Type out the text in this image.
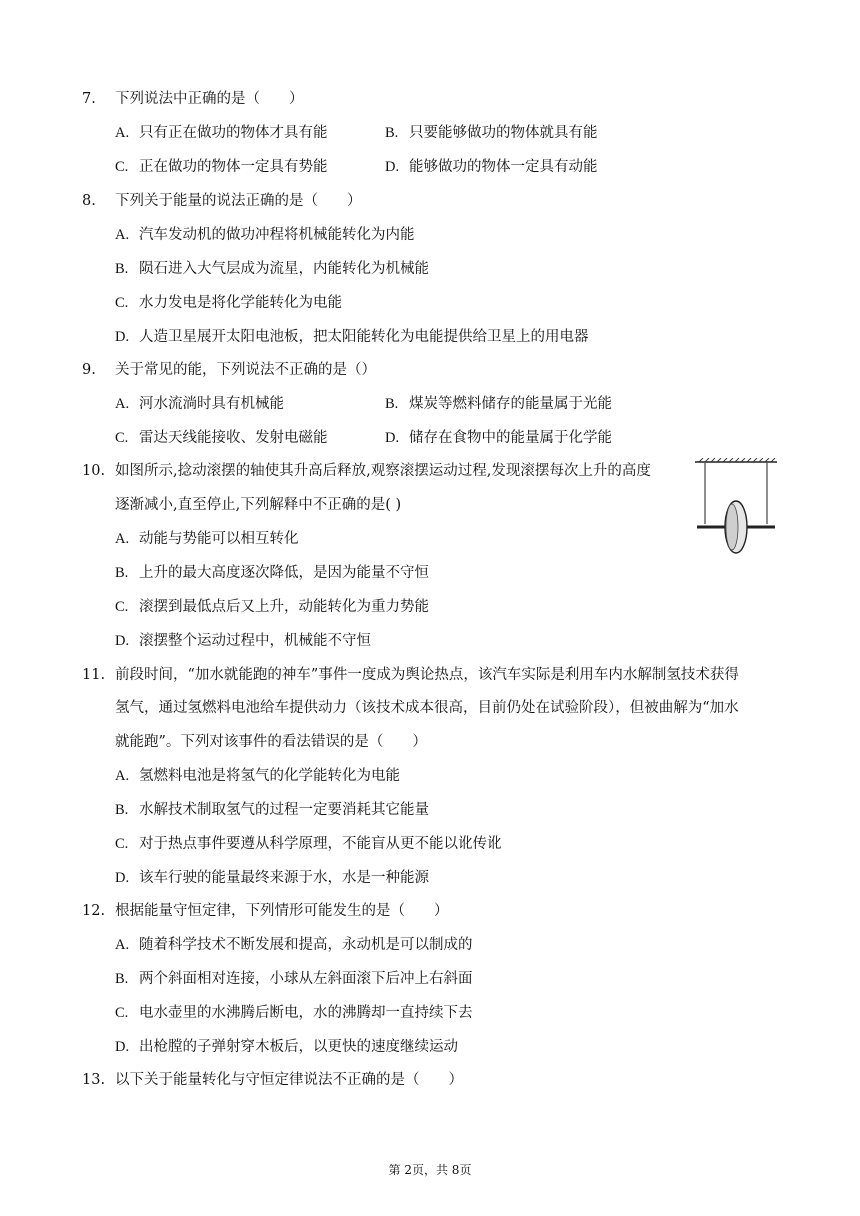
7. 下列说法中正确的是（　　）
A. 只有正在做功的物体才具有能	B. 只要能够做功的物体就具有能
C. 正在做功的物体一定具有势能	D. 能够做功的物体一定具有动能
8. 下列关于能量的说法正确的是（　　）
A. 汽车发动机的做功冲程将机械能转化为内能
B. 陨石进入大气层成为流星，内能转化为机械能
C. 水力发电是将化学能转化为电能
D. 人造卫星展开太阳电池板，把太阳能转化为电能提供给卫星上的用电器
9. 关于常见的能，下列说法不正确的是（）
A. 河水流淌时具有机械能	B. 煤炭等燃料储存的能量属于光能
C. 雷达天线能接收、发射电磁能	D. 储存在食物中的能量属于化学能
10. 如图所示,捻动滚摆的轴使其升高后释放,观察滚摆运动过程,发现滚摆每次上升的高度
逐渐减小,直至停止,下列解释中不正确的是( )
A. 动能与势能可以相互转化
B. 上升的最大高度逐次降低，是因为能量不守恒
C. 滚摆到最低点后又上升，动能转化为重力势能
D. 滚摆整个运动过程中，机械能不守恒
11. 前段时间，“加水就能跑的神车”事件一度成为舆论热点，该汽车实际是利用车内水解制氢技术获得
氢气，通过氢燃料电池给车提供动力（该技术成本很高，目前仍处在试验阶段），但被曲解为“加水
就能跑”。下列对该事件的看法错误的是（　　）
A. 氢燃料电池是将氢气的化学能转化为电能
B. 水解技术制取氢气的过程一定要消耗其它能量
C. 对于热点事件要遵从科学原理，不能盲从更不能以讹传讹
D. 该车行驶的能量最终来源于水，水是一种能源
12. 根据能量守恒定律，下列情形可能发生的是（　　）
A. 随着科学技术不断发展和提高，永动机是可以制成的
B. 两个斜面相对连接，小球从左斜面滚下后冲上右斜面
C. 电水壶里的水沸腾后断电，水的沸腾却一直持续下去
D. 出枪膛的子弹射穿木板后，以更快的速度继续运动
13. 以下关于能量转化与守恒定律说法不正确的是（　　）
第 2页，共 8页
